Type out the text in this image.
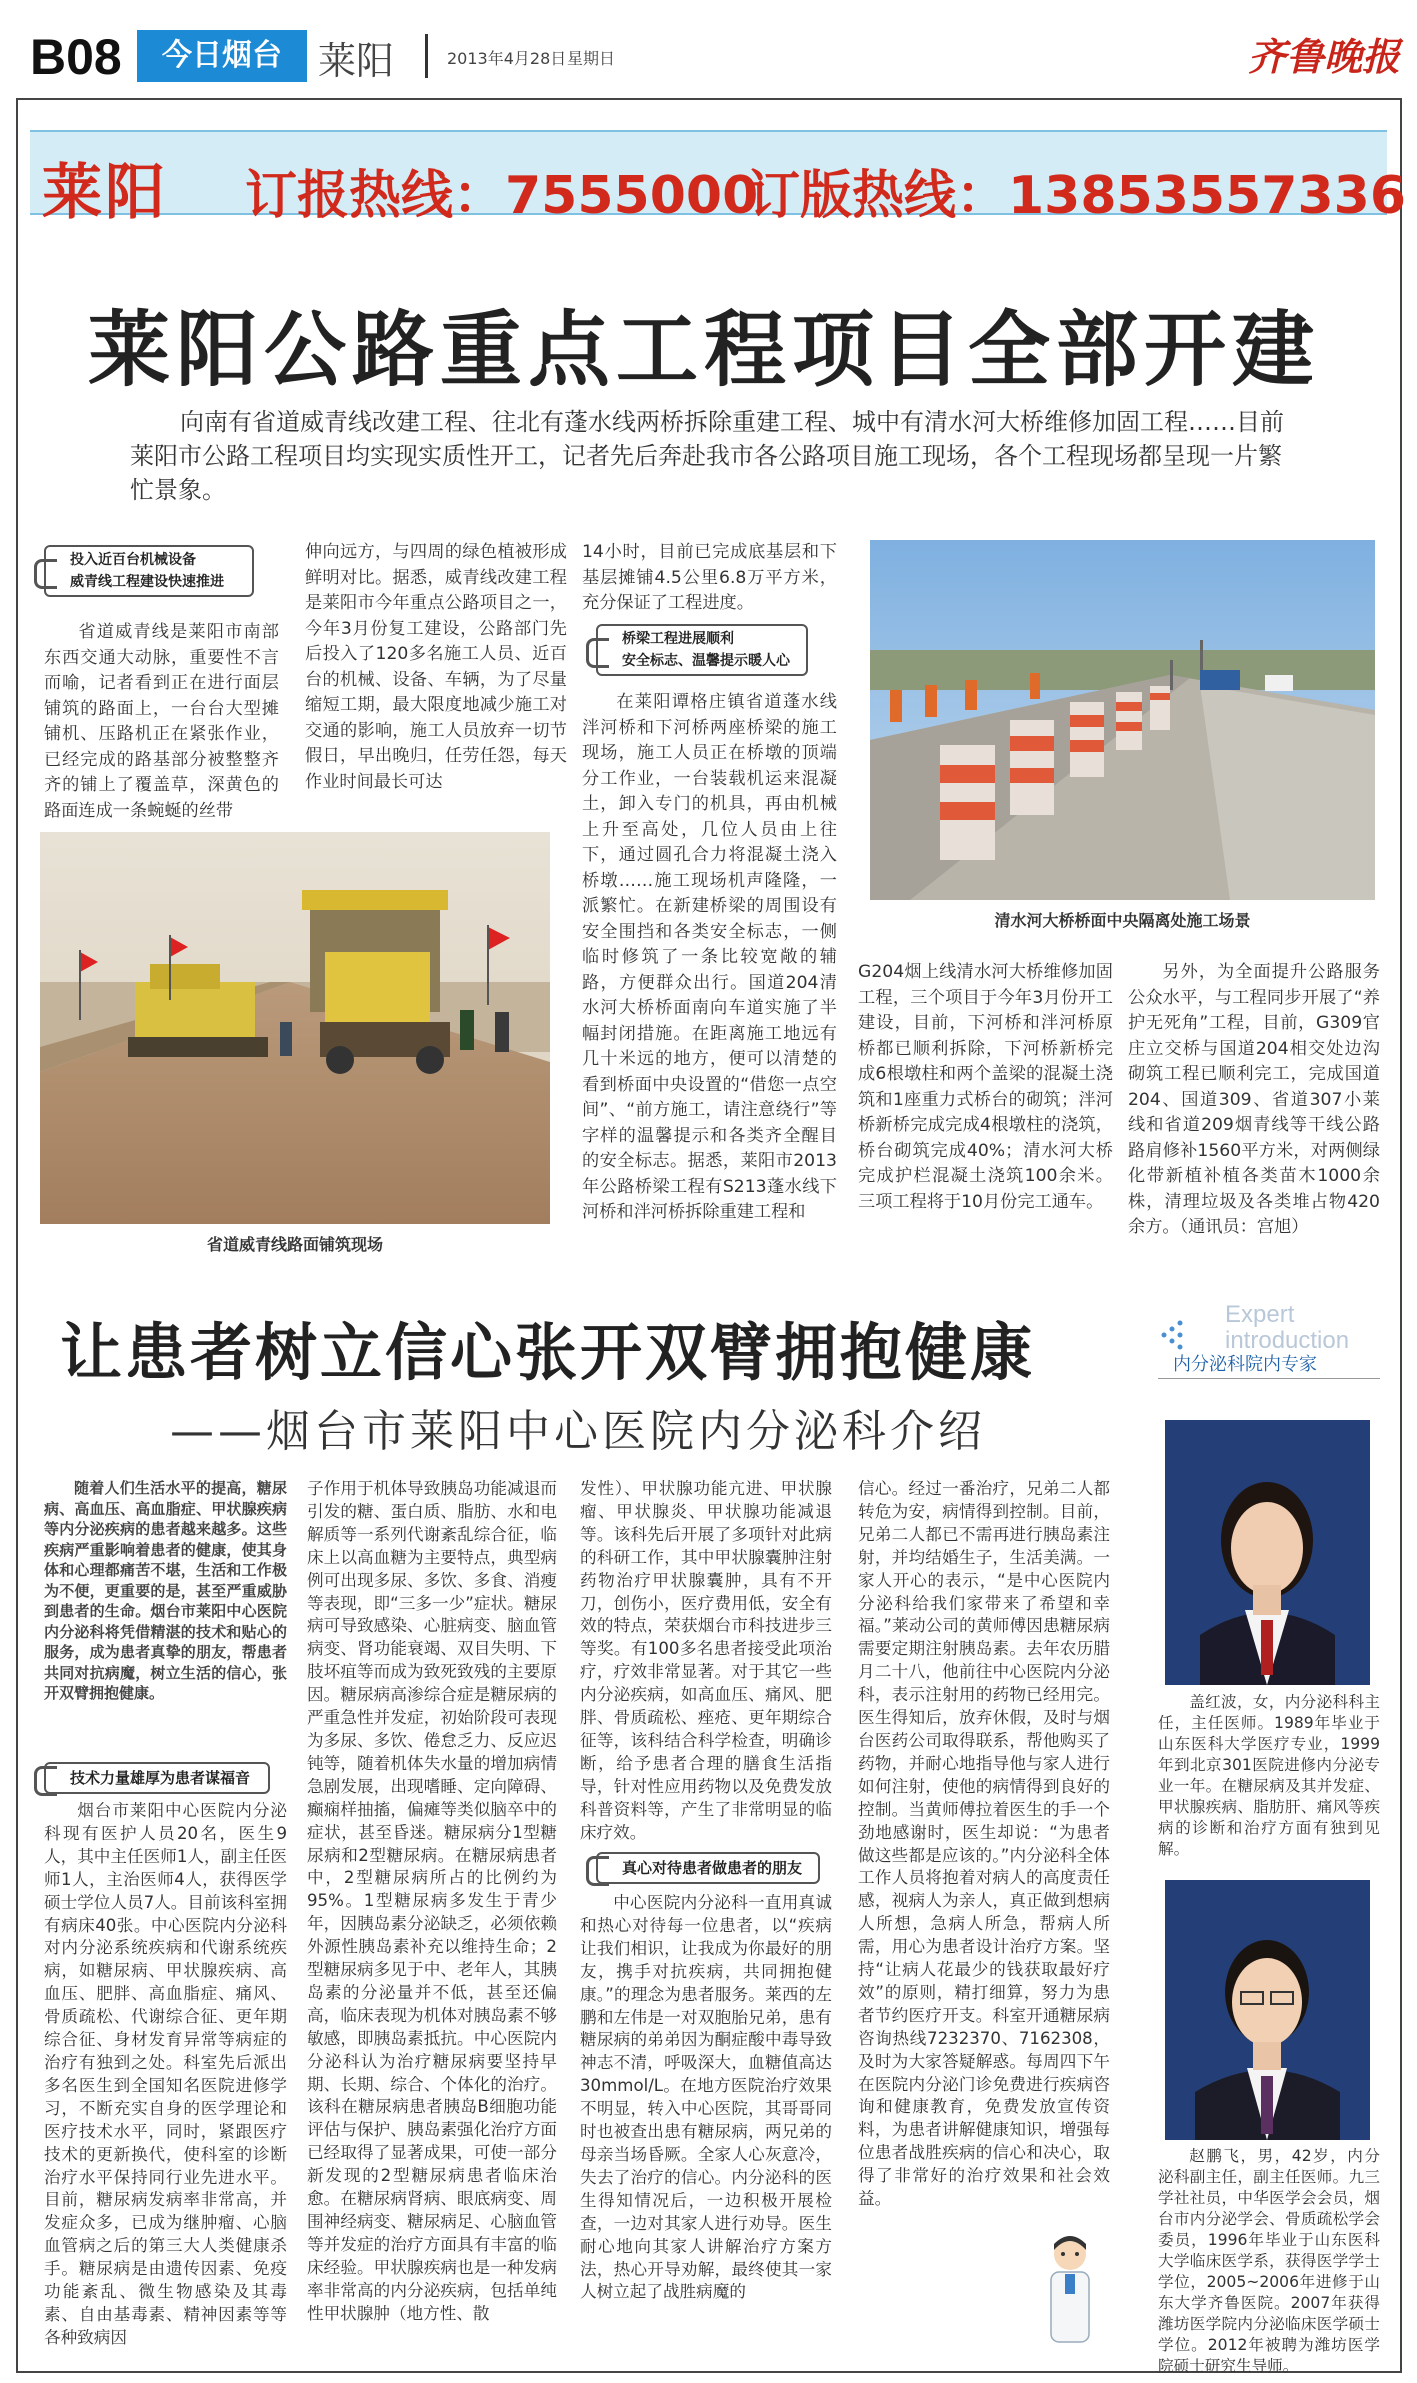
B08	今日烟台 莱阳	2013年4月28日 星期日	齐鲁晚报
莱阳 订报热线：7555000
订版热线：13853557336
莱阳公路重点工程项目全部开建
向南有省道威青线改建工程、往北有蓬水线两桥拆除重建工程、城中有清水河大桥维修加固工程……目前莱阳市公路工程项目均实现实质性开工，记者先后奔赴我市各公路项目施工现场，各个工程现场都呈现一片繁忙景象。
投入近百台机械设备
威青线工程建设快速推进

省道威青线是莱阳市南部东西交通大动脉，重要性不言而喻，记者看到正在进行面层铺筑的路面上，一台台大型摊铺机、压路机正在紧张作业，已经完成的路基部分被整整齐齐的铺上了覆盖草，深黄色的路面连成一条蜿蜒的丝带

伸向远方，与四周的绿色植被形成鲜明对比。据悉，威青线改建工程是莱阳市今年重点公路项目之一，今年3月份复工建设，公路部门先后投入了120多名施工人员、近百台的机械、设备、车辆，为了尽量缩短工期，最大限度地减少施工对交通的影响，施工人员放弃一切节假日，早出晚归，任劳任怨，每天作业时间最长可达

省道威青线路面铺筑现场

14小时，目前已完成底基层和下基层摊铺4.5公里6.8万平方米，充分保证了工程进度。

桥梁工程进展顺利
安全标志、温馨提示暖人心

在莱阳谭格庄镇省道蓬水线泮河桥和下河桥两座桥梁的施工现场，施工人员正在桥墩的顶端分工作业，一台装载机运来混凝土，卸入专门的机具，再由机械上升至高处，几位人员由上往下，通过圆孔合力将混凝土浇入桥墩……施工现场机声隆隆，一派繁忙。在新建桥梁的周围设有安全围挡和各类安全标志，一侧临时修筑了一条比较宽敞的辅路，方便群众出行。国道204清水河大桥桥面南向车道实施了半幅封闭措施。在距离施工地远有几十米远的地方，便可以清楚的看到桥面中央设置的“借您一点空间”、“前方施工，请注意绕行”等字样的温馨提示和各类齐全醒目的安全标志。据悉，莱阳市2013年公路桥梁工程有S213蓬水线下河桥和泮河桥拆除重建工程和

清水河大桥桥面中央隔离处施工场景

G204烟上线清水河大桥维修加固工程，三个项目于今年3月份开工建设，目前，下河桥和泮河桥原桥都已顺利拆除，下河桥新桥完成6根墩柱和两个盖梁的混凝土浇筑和1座重力式桥台的砌筑；泮河桥新桥完成完成4根墩柱的浇筑，桥台砌筑完成40%；清水河大桥完成护栏混凝土浇筑100余米。三项工程将于10月份完工通车。

另外，为全面提升公路服务公众水平，与工程同步开展了“养护无死角”工程，目前，G309官庄立交桥与国道204相交处边沟砌筑工程已顺利完工，完成国道204、国道309、省道307小莱线和省道209烟青线等干线公路路肩修补1560平方米，对两侧绿化带新植补植各类苗木1000余株，清理垃圾及各类堆占物420余方。（通讯员：宫旭）

让患者树立信心张开双臂拥抱健康
——烟台市莱阳中心医院内分泌科介绍
Expert
introduction
内分泌科院内专家

随着人们生活水平的提高，糖尿病、高血压、高血脂症、甲状腺疾病等内分泌疾病的患者越来越多。这些疾病严重影响着患者的健康，使其身体和心理都痛苦不堪，生活和工作极为不便，更重要的是，甚至严重威胁到患者的生命。烟台市莱阳中心医院内分泌科将凭借精湛的技术和贴心的服务，成为患者真挚的朋友，帮患者共同对抗病魔，树立生活的信心，张开双臂拥抱健康。

技术力量雄厚为患者谋福音

烟台市莱阳中心医院内分泌科现有医护人员20名，医生9人，其中主任医师1人，副主任医师1人，主治医师4人，获得医学硕士学位人员7人。目前该科室拥有病床40张。中心医院内分泌科对内分泌系统疾病和代谢系统疾病，如糖尿病、甲状腺疾病、高血压、肥胖、高血脂症、痛风、骨质疏松、代谢综合征、更年期综合征、身材发育异常等病症的治疗有独到之处。科室先后派出多名医生到全国知名医院进修学习，不断充实自身的医学理论和医疗技术水平，同时，紧跟医疗技术的更新换代，使科室的诊断治疗水平保持同行业先进水平。目前，糖尿病发病率非常高，并发症众多，已成为继肿瘤、心脑血管病之后的第三大人类健康杀手。糖尿病是由遗传因素、免疫功能紊乱、微生物感染及其毒素、自由基毒素、精神因素等等各种致病因

子作用于机体导致胰岛功能减退而引发的糖、蛋白质、脂肪、水和电解质等一系列代谢紊乱综合征，临床上以高血糖为主要特点，典型病例可出现多尿、多饮、多食、消瘦等表现，即“三多一少”症状。糖尿病可导致感染、心脏病变、脑血管病变、肾功能衰竭、双目失明、下肢坏疽等而成为致死致残的主要原因。糖尿病高渗综合症是糖尿病的严重急性并发症，初始阶段可表现为多尿、多饮、倦怠乏力、反应迟钝等，随着机体失水量的增加病情急剧发展，出现嗜睡、定向障碍、癫痫样抽搐，偏瘫等类似脑卒中的症状，甚至昏迷。糖尿病分1型糖尿病和2型糖尿病。在糖尿病患者中，2型糖尿病所占的比例约为95%。1型糖尿病多发生于青少年，因胰岛素分泌缺乏，必须依赖外源性胰岛素补充以维持生命；2型糖尿病多见于中、老年人，其胰岛素的分泌量并不低，甚至还偏高，临床表现为机体对胰岛素不够敏感，即胰岛素抵抗。中心医院内分泌科认为治疗糖尿病要坚持早期、长期、综合、个体化的治疗。该科在糖尿病患者胰岛B细胞功能评估与保护、胰岛素强化治疗方面已经取得了显著成果，可使一部分新发现的2型糖尿病患者临床治愈。在糖尿病肾病、眼底病变、周围神经病变、糖尿病足、心脑血管等并发症的治疗方面具有丰富的临床经验。甲状腺疾病也是一种发病率非常高的内分泌疾病，包括单纯性甲状腺肿（地方性、散

发性）、甲状腺功能亢进、甲状腺瘤、甲状腺炎、甲状腺功能减退等。该科先后开展了多项针对此病的科研工作，其中甲状腺囊肿注射药物治疗甲状腺囊肿，具有不开刀，创伤小，医疗费用低，安全有效的特点，荣获烟台市科技进步三等奖。有100多名患者接受此项治疗，疗效非常显著。对于其它一些内分泌疾病，如高血压、痛风、肥胖、骨质疏松、痤疮、更年期综合征等，该科结合科学检查，明确诊断，给予患者合理的膳食生活指导，针对性应用药物以及免费发放科普资料等，产生了非常明显的临床疗效。

真心对待患者做患者的朋友

中心医院内分泌科一直用真诚和热心对待每一位患者，以“疾病让我们相识，让我成为你最好的朋友，携手对抗疾病，共同拥抱健康。”的理念为患者服务。莱西的左鹏和左伟是一对双胞胎兄弟，患有糖尿病的弟弟因为酮症酸中毒导致神志不清，呼吸深大，血糖值高达30mmol/L。在地方医院治疗效果不明显，转入中心医院，其哥哥同时也被查出患有糖尿病，两兄弟的母亲当场昏厥。全家人心灰意冷，失去了治疗的信心。内分泌科的医生得知情况后，一边积极开展检查，一边对其家人进行劝导。医生耐心地向其家人讲解治疗方案方法，热心开导劝解，最终使其一家人树立起了战胜病魔的

信心。经过一番治疗，兄弟二人都转危为安，病情得到控制。目前，兄弟二人都已不需再进行胰岛素注射，并均结婚生子，生活美满。一家人开心的表示，“是中心医院内分泌科给我们家带来了希望和幸福。”莱动公司的黄师傅因患糖尿病需要定期注射胰岛素。去年农历腊月二十八，他前往中心医院内分泌科，表示注射用的药物已经用完。医生得知后，放弃休假，及时与烟台医药公司取得联系，帮他购买了药物，并耐心地指导他与家人进行如何注射，使他的病情得到良好的控制。当黄师傅拉着医生的手一个劲地感谢时，医生却说：“为患者做这些都是应该的。”内分泌科全体工作人员将抱着对病人的高度责任感，视病人为亲人，真正做到想病人所想，急病人所急，帮病人所需，用心为患者设计治疗方案。坚持“让病人花最少的钱获取最好疗效”的原则，精打细算，努力为患者节约医疗开支。科室开通糖尿病咨询热线7232370、7162308，及时为大家答疑解惑。每周四下午在医院内分泌门诊免费进行疾病咨询和健康教育，免费发放宣传资料，为患者讲解健康知识，增强每位患者战胜疾病的信心和决心，取得了非常好的治疗效果和社会效益。

盖红波，女，内分泌科科主任，主任医师。1989年毕业于山东医科大学医疗专业，1999年到北京301医院进修内分泌专业一年。在糖尿病及其并发症、甲状腺疾病、脂肪肝、痛风等疾病的诊断和治疗方面有独到见解。

赵鹏飞，男，42岁，内分泌科副主任，副主任医师。九三学社社员，中华医学会会员，烟台市内分泌学会、骨质疏松学会委员，1996年毕业于山东医科大学临床医学系，获得医学学士学位，2005~2006年进修于山东大学齐鲁医院。2007年获得潍坊医学院内分泌临床医学硕士学位。2012年被聘为潍坊医学院硕士研究生导师。
